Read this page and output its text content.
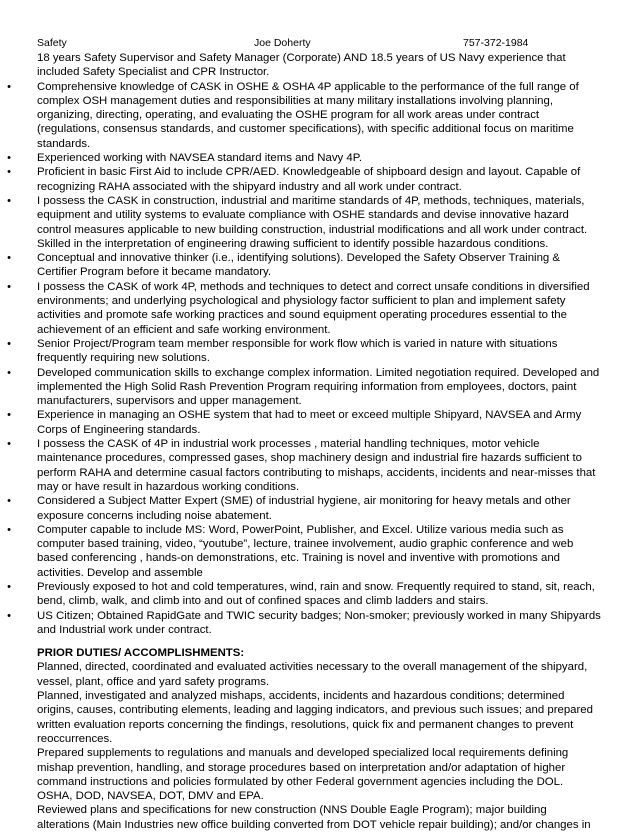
Safety	Joe Doherty	757-372-1984

18 years Safety Supervisor and Safety Manager (Corporate) AND 18.5 years of US Navy experience that included Safety Specialist and CPR Instructor.

• Comprehensive knowledge of CASK in OSHE & OSHA 4P applicable to the performance of the full range of complex OSH management duties and responsibilities at many military installations involving planning, organizing, directing, operating, and evaluating the OSHE program for all work areas under contract (regulations, consensus standards, and customer specifications), with specific additional focus on maritime standards.
• Experienced working with NAVSEA standard items and Navy 4P.
• Proficient in basic First Aid to include CPR/AED. Knowledgeable of shipboard design and layout. Capable of recognizing RAHA associated with the shipyard industry and all work under contract.
• I possess the CASK in construction, industrial and maritime standards of 4P, methods, techniques, materials, equipment and utility systems to evaluate compliance with OSHE standards and devise innovative hazard control measures applicable to new building construction, industrial modifications and all work under contract. Skilled in the interpretation of engineering drawing sufficient to identify possible hazardous conditions.
• Conceptual and innovative thinker (i.e., identifying solutions). Developed the Safety Observer Training & Certifier Program before it became mandatory.
• I possess the CASK of work 4P, methods and techniques to detect and correct unsafe conditions in diversified environments; and underlying psychological and physiology factor sufficient to plan and implement safety activities and promote safe working practices and sound equipment operating procedures essential to the achievement of an efficient and safe working environment.
• Senior Project/Program team member responsible for work flow which is varied in nature with situations frequently requiring new solutions.
• Developed communication skills to exchange complex information. Limited negotiation required. Developed and implemented the High Solid Rash Prevention Program requiring information from employees, doctors, paint manufacturers, supervisors and upper management.
• Experience in managing an OSHE system that had to meet or exceed multiple Shipyard, NAVSEA and Army Corps of Engineering standards.
• I possess the CASK of 4P in industrial work processes , material handling techniques, motor vehicle maintenance procedures, compressed gases, shop machinery design and industrial fire hazards sufficient to perform RAHA and determine casual factors contributing to mishaps, accidents, incidents and near-misses that may or have result in hazardous working conditions.
• Considered a Subject Matter Expert (SME) of industrial hygiene, air monitoring for heavy metals and other exposure concerns including noise abatement.
• Computer capable to include MS: Word, PowerPoint, Publisher, and Excel. Utilize various media such as computer based training, video, “youtube”, lecture, trainee involvement, audio graphic conference and web based conferencing , hands-on demonstrations, etc. Training is novel and inventive with promotions and activities. Develop and assemble
• Previously exposed to hot and cold temperatures, wind, rain and snow. Frequently required to stand, sit, reach, bend, climb, walk, and climb into and out of confined spaces and climb ladders and stairs.
• US Citizen; Obtained RapidGate and TWIC security badges; Non-smoker; previously worked in many Shipyards and Industrial work under contract.

PRIOR DUTIES/ ACCOMPLISHMENTS:

Planned, directed, coordinated and evaluated activities necessary to the overall management of the shipyard, vessel, plant, office and yard safety programs.

Planned, investigated and analyzed mishaps, accidents, incidents and hazardous conditions; determined origins, causes, contributing elements, leading and lagging indicators, and previous such issues; and prepared written evaluation reports concerning the findings, resolutions, quick fix and permanent changes to prevent reoccurrences.

Prepared supplements to regulations and manuals and developed specialized local requirements defining mishap prevention, handling, and storage procedures based on interpretation and/or adaptation of higher command instructions and policies formulated by other Federal government agencies including the DOL. OSHA, DOD, NAVSEA, DOT, DMV and EPA.

Reviewed plans and specifications for new construction (NNS Double Eagle Program); major building alterations (Main Industries new office building converted from DOT vehicle repair building); and/or changes in
